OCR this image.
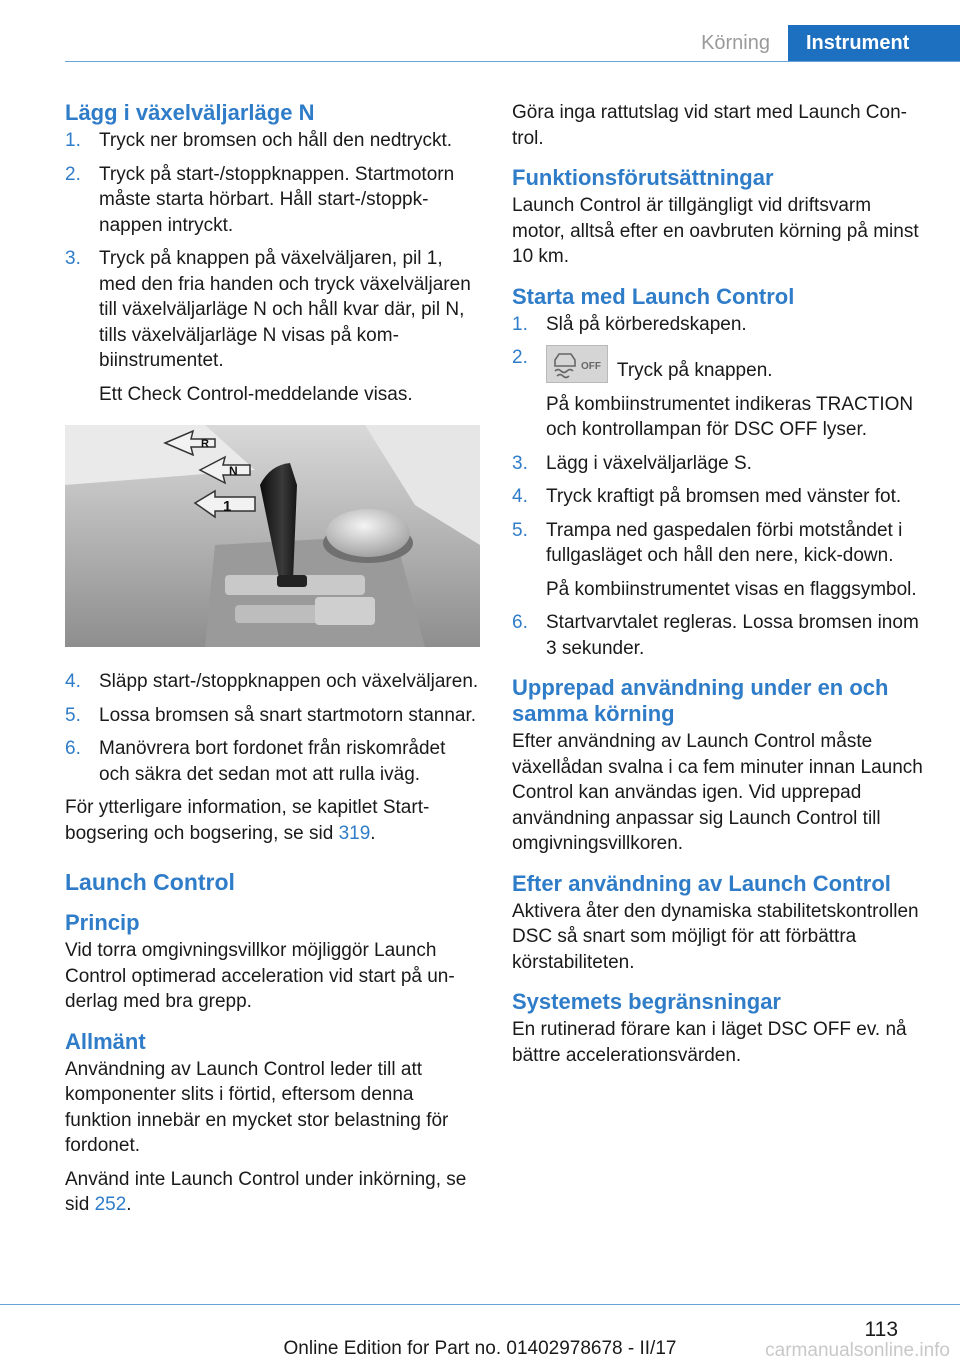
Körning	Instrument
Lägg i växelväljarläge N
1. Tryck ner bromsen och håll den nedtryckt.
2. Tryck på start-/stoppknappen. Startmotorn måste starta hörbart. Håll start-/stoppknappen intryckt.
3. Tryck på knappen på växelväljaren, pil 1, med den fria handen och tryck växelväljaren till växelväljarläge N och håll kvar där, pil N, tills växelväljarläge N visas på kombiinstrumentet.
Ett Check Control-meddelande visas.
R
N
1
4. Släpp start-/stoppknappen och växelväljaren.
5. Lossa bromsen så snart startmotorn stannar.
6. Manövrera bort fordonet från riskområdet och säkra det sedan mot att rulla iväg.

För ytterligare information, se kapitlet Startbogsering och bogsering, se sid 319.

Launch Control
Princip

Vid torra omgivningsvillkor möjliggör Launch Control optimerad acceleration vid start på underlag med bra grepp.

Allmänt

Användning av Launch Control leder till att komponenter slits i förtid, eftersom denna funktion innebär en mycket stor belastning för fordonet.

Använd inte Launch Control under inkörning, se sid 252.

Göra inga rattutslag vid start med Launch Control.

Funktionsförutsättningar

Launch Control är tillgängligt vid driftsvarm motor, alltså efter en oavbruten körning på minst 10 km.

Starta med Launch Control
1. Slå på körberedskapen.
2.	OFF Tryck på knappen.
På kombiinstrumentet indikeras TRACTION och kontrollampan för DSC OFF lyser.
3. Lägg i växelväljarläge S.
4. Tryck kraftigt på bromsen med vänster fot.
5. Trampa ned gaspedalen förbi motståndet i fullgasläget och håll den nere, kick-down.
På kombiinstrumentet visas en flaggsymbol.
6. Startvarvtalet regleras. Lossa bromsen inom 3 sekunder.
Upprepad användning under en och samma körning

Efter användning av Launch Control måste växellådan svalna i ca fem minuter innan Launch Control kan användas igen. Vid upprepad användning anpassar sig Launch Control till omgivningsvillkoren.

Efter användning av Launch Control

Aktivera åter den dynamiska stabilitetskontrollen DSC så snart som möjligt för att förbättra körstabiliteten.

Systemets begränsningar

En rutinerad förare kan i läget DSC OFF ev. nå bättre accelerationsvärden.

113
Online Edition for Part no. 01402978678 - II/17	carmanualsonline.info
